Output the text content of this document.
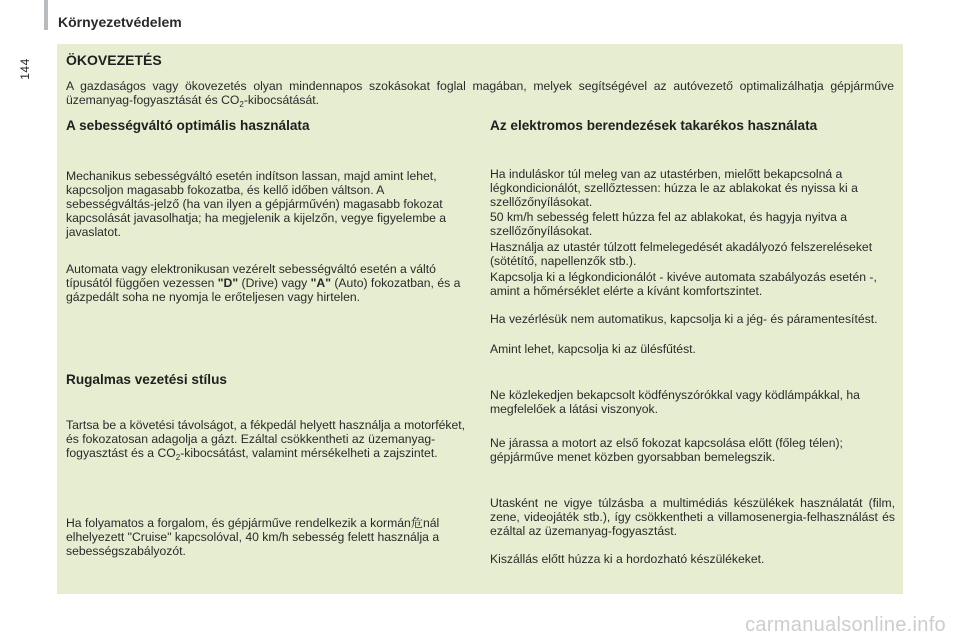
144
Környezetvédelem
ÖKOVEZETÉS
A gazdaságos vagy ökovezetés olyan mindennapos szokásokat foglal magában, melyek segítségével az autóvezető optimalizálhatja gépjárműve üzemanyag-fogyasztását és $CO_2$-kibocsátását.
A sebességváltó optimális használata

Mechanikus sebességváltó esetén indítson lassan, majd amint lehet, kapcsoljon magasabb fokozatba, és kellő időben váltson. A sebességváltás-jelző (ha van ilyen a gépjárművén) magasabb fokozat kapcsolását javasolhatja; ha megjelenik a kijelzőn, vegye figyelembe a javaslatot.

Automata vagy elektronikusan vezérelt sebességváltó esetén a váltó típusától függően vezessen "D" (Drive) vagy "A" (Auto) fokozatban, és a gázpedált soha ne nyomja le erőteljesen vagy hirtelen.

Rugalmas vezetési stílus

Tartsa be a követési távolságot, a fékpedál helyett használja a motorféket, és fokozatosan adagolja a gázt. Ezáltal csökkentheti az üzemanyag-fogyasztást és a $CO_2$-kibocsátást, valamint mérsékelheti a zajszintet.

Ha folyamatos a forgalom, és gépjárműve rendelkezik a kormán危nál elhelyezett "Cruise" kapcsolóval, 40 km/h sebesség felett használja a sebességszabályozót.

Az elektromos berendezések takarékos használata

Ha induláskor túl meleg van az utastérben, mielőtt bekapcsolná a légkondicionálót, szellőztessen: húzza le az ablakokat és nyissa ki a szellőzőnyílásokat.

50 km/h sebesség felett húzza fel az ablakokat, és hagyja nyitva a szellőzőnyílásokat.

Használja az utastér túlzott felmelegedését akadályozó felszereléseket (sötétítő, napellenzők stb.).

Kapcsolja ki a légkondicionálót - kivéve automata szabályozás esetén -, amint a hőmérséklet elérte a kívánt komfortszintet.

Ha vezérlésük nem automatikus, kapcsolja ki a jég- és páramentesítést.

Amint lehet, kapcsolja ki az ülésfűtést.

Ne közlekedjen bekapcsolt ködfényszórókkal vagy ködlámpákkal, ha megfelelőek a látási viszonyok.

Ne járassa a motort az első fokozat kapcsolása előtt (főleg télen); gépjárműve menet közben gyorsabban bemelegszik.

Utasként ne vigye túlzásba a multimédiás készülékek használatát (film, zene, videojáték stb.), így csökkentheti a villamosenergia-felhasználást és ezáltal az üzemanyag-fogyasztást.

Kiszállás előtt húzza ki a hordozható készülékeket.

carmanualsonline.info
